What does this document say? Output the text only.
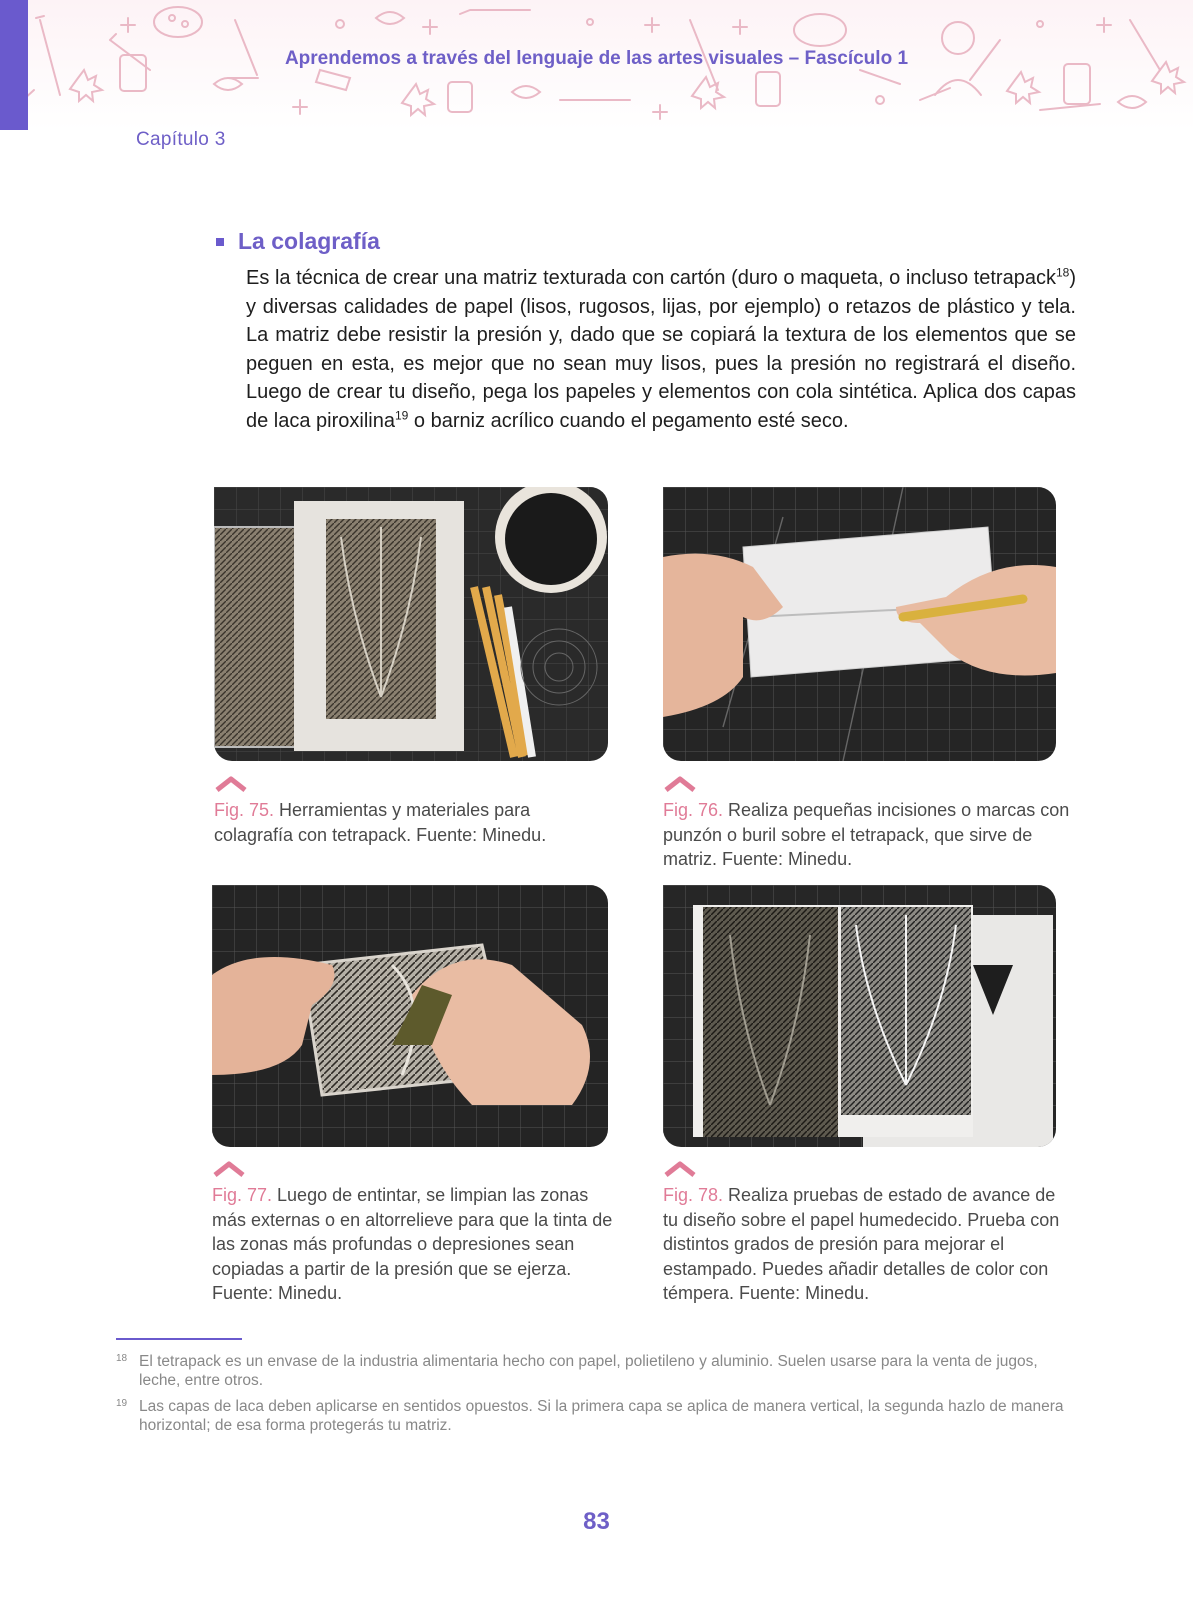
Aprendemos a través del lenguaje de las artes visuales – Fascículo 1
Capítulo 3
La colagrafía

Es la técnica de crear una matriz texturada con cartón (duro o maqueta, o incluso tetrapack$^{18}$) y diversas calidades de papel (lisos, rugosos, lijas, por ejemplo) o retazos de plástico y tela. La matriz debe resistir la presión y, dado que se copiará la textura de los elementos que se peguen en esta, es mejor que no sean muy lisos, pues la presión no registrará el diseño. Luego de crear tu diseño, pega los papeles y elementos con cola sintética. Aplica dos capas de laca piroxilina$^{19}$ o barniz acrílico cuando el pegamento esté seco.

Fig. 75. Herramientas y materiales para colagrafía con tetrapack. Fuente: Minedu.

Fig. 76. Realiza pequeñas incisiones o marcas con punzón o buril sobre el tetrapack, que sirve de matriz. Fuente: Minedu.

Fig. 77. Luego de entintar, se limpian las zonas más externas o en altorrelieve para que la tinta de las zonas más profundas o depresiones sean copiadas a partir de la presión que se ejerza. Fuente: Minedu.

Fig. 78. Realiza pruebas de estado de avance de tu diseño sobre el papel humedecido. Prueba con distintos grados de presión para mejorar el estampado. Puedes añadir detalles de color con témpera. Fuente: Minedu.

18 El tetrapack es un envase de la industria alimentaria hecho con papel, polietileno y aluminio. Suelen usarse para la venta de jugos, leche, entre otros.

19 Las capas de laca deben aplicarse en sentidos opuestos. Si la primera capa se aplica de manera vertical, la segunda hazlo de manera horizontal; de esa forma protegerás tu matriz.

83
